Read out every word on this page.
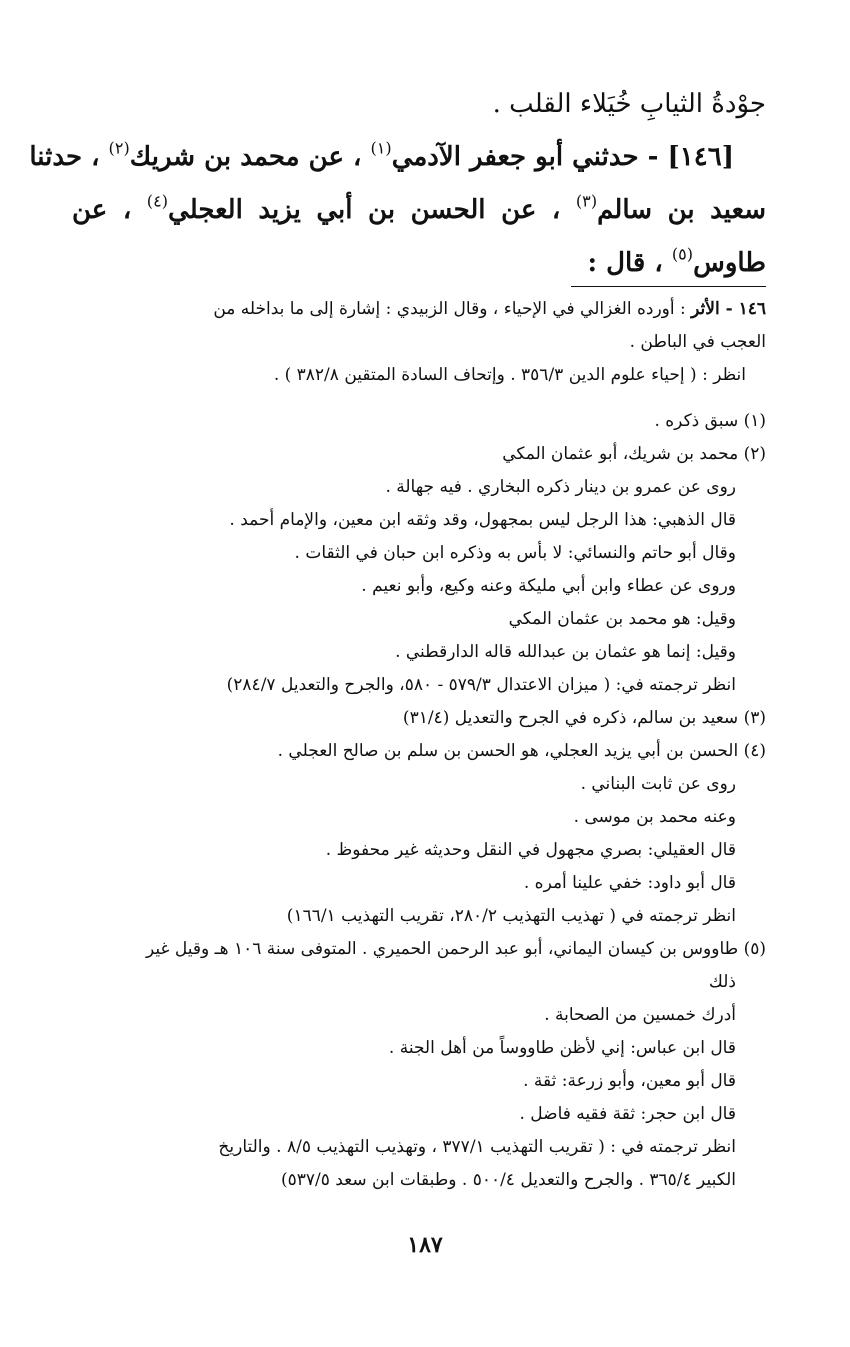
جوْدةُ الثيابِ خُيَلاء القلب .
[١٤٦] - حدثني أبو جعفر الآدمي$^{(١)}$ ، عن محمد بن شريك$^{(٢)}$ ، حدثنا
سعيد بن سالم$^{(٣)}$ ، عن الحسن بن أبي يزيد العجلي$^{(٤)}$ ، عن
طاوس$^{(٥)}$ ، قال :
١٤٦ - الأثر : أورده الغزالي في الإحياء ، وقال الزبيدي : إشارة إلى ما بداخله من
العجب في الباطن .
انظر : ( إحياء علوم الدين ٣٥٦/٣ . وإتحاف السادة المتقين ٣٨٢/٨ ) .
(١) سبق ذكره .
(٢) محمد بن شريك، أبو عثمان المكي
روى عن عمرو بن دينار ذكره البخاري . فيه جهالة .
قال الذهبي: هذا الرجل ليس بمجهول، وقد وثقه ابن معين، والإمام أحمد .
وقال أبو حاتم والنسائي: لا بأس به وذكره ابن حبان في الثقات .
وروى عن عطاء وابن أبي مليكة وعنه وكيع، وأبو نعيم .
وقيل: هو محمد بن عثمان المكي
وقيل: إنما هو عثمان بن عبدالله قاله الدارقطني .
انظر ترجمته في: ( ميزان الاعتدال ٥٧٩/٣ - ٥٨٠، والجرح والتعديل ٢٨٤/٧)
(٣) سعيد بن سالم، ذكره في الجرح والتعديل (٣١/٤)
(٤) الحسن بن أبي يزيد العجلي، هو الحسن بن سلم بن صالح العجلي .
روى عن ثابت البناني .
وعنه محمد بن موسى .
قال العقيلي: بصري مجهول في النقل وحديثه غير محفوظ .
قال أبو داود: خفي علينا أمره .
انظر ترجمته في ( تهذيب التهذيب ٢٨٠/٢، تقريب التهذيب ١٦٦/١)
(٥) طاووس بن كيسان اليماني، أبو عبد الرحمن الحميري . المتوفى سنة ١٠٦ هـ وقيل غير
ذلك
أدرك خمسين من الصحابة .
قال ابن عباس: إني لأظن طاووساً من أهل الجنة .
قال أبو معين، وأبو زرعة: ثقة .
قال ابن حجر: ثقة فقيه فاضل .
انظر ترجمته في : ( تقريب التهذيب ٣٧٧/١ ، وتهذيب التهذيب ٨/٥ . والتاريخ
الكبير ٣٦٥/٤ . والجرح والتعديل ٥٠٠/٤ . وطبقات ابن سعد ٥٣٧/٥)
١٨٧
